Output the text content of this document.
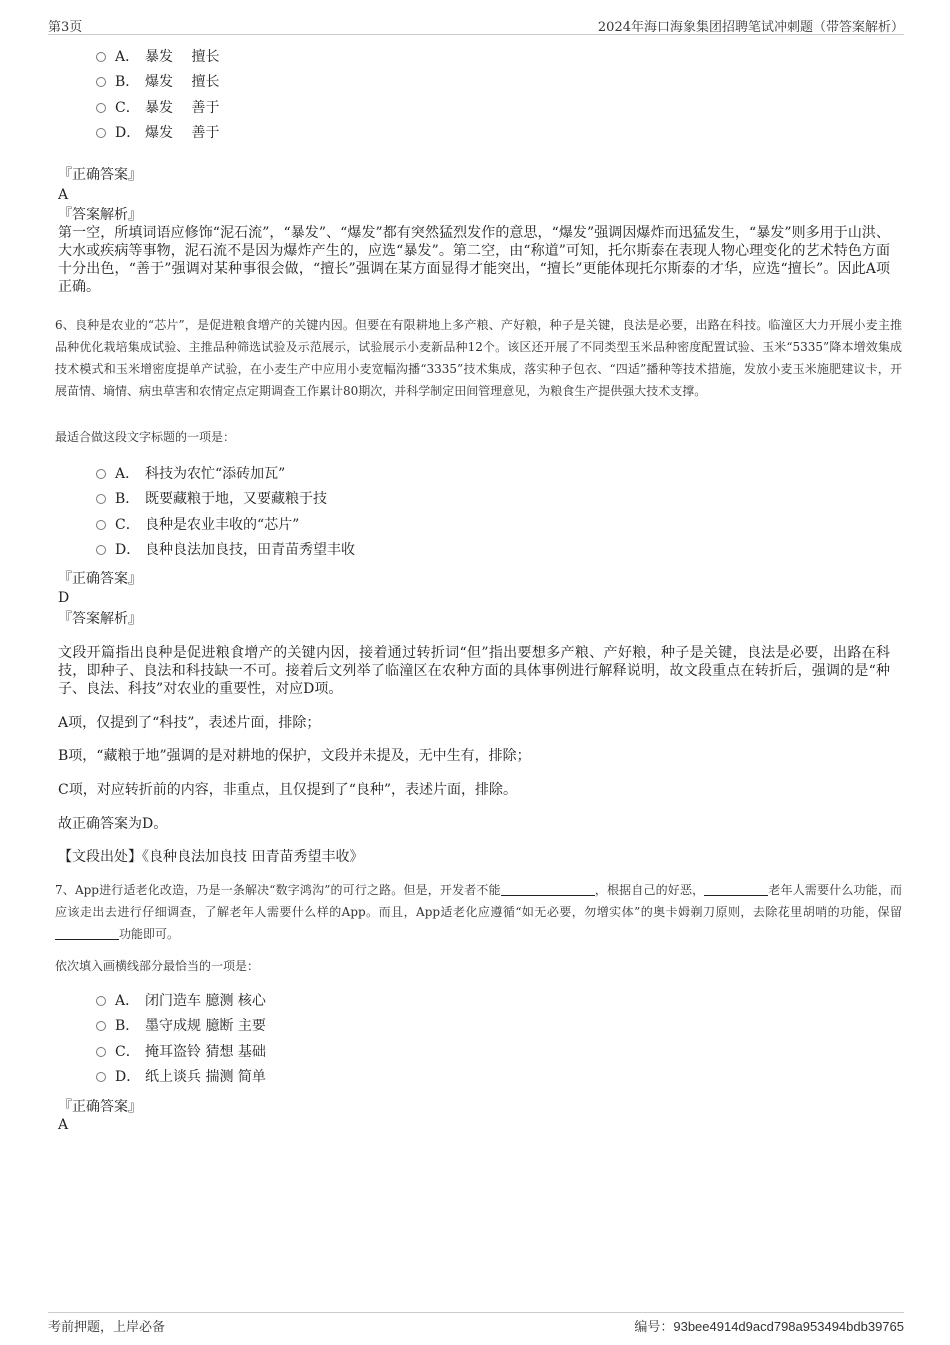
第3页	2024年海口海象集团招聘笔试冲刺题（带答案解析）
A． 暴发　 擅长
B． 爆发　 擅长
C． 暴发　 善于
D． 爆发　 善于
『正确答案』
A
『答案解析』
第一空，所填词语应修饰“泥石流”，“暴发”、“爆发”都有突然猛烈发作的意思，“爆发”强调因爆炸而迅猛发生，“暴发”则多用于山洪、大水或疾病等事物，泥石流不是因为爆炸产生的，应选“暴发”。第二空，由“称道”可知，托尔斯泰在表现人物心理变化的艺术特色方面十分出色，“善于”强调对某种事很会做，“擅长”强调在某方面显得才能突出，“擅长”更能体现托尔斯泰的才华，应选“擅长”。因此A项正确。
6、良种是农业的“芯片”，是促进粮食增产的关键内因。但要在有限耕地上多产粮、产好粮，种子是关键，良法是必要，出路在科技。临潼区大力开展小麦主推品种优化栽培集成试验、主推品种筛选试验及示范展示，试验展示小麦新品种12个。该区还开展了不同类型玉米品种密度配置试验、玉米“5335”降本增效集成技术模式和玉米增密度提单产试验，在小麦生产中应用小麦宽幅沟播“3335”技术集成，落实种子包衣、“四适”播种等技术措施，发放小麦玉米施肥建议卡，开展苗情、墒情、病虫草害和农情定点定期调查工作累计80期次，并科学制定田间管理意见，为粮食生产提供强大技术支撑。
最适合做这段文字标题的一项是：
A． 科技为农忙“添砖加瓦”
B． 既要藏粮于地，又要藏粮于技
C． 良种是农业丰收的“芯片”
D． 良种良法加良技，田青苗秀望丰收
『正确答案』
D
『答案解析』
文段开篇指出良种是促进粮食增产的关键内因，接着通过转折词“但”指出要想多产粮、产好粮，种子是关键，良法是必要，出路在科技，即种子、良法和科技缺一不可。接着后文列举了临潼区在农种方面的具体事例进行解释说明，故文段重点在转折后，强调的是“种子、良法、科技”对农业的重要性，对应D项。
A项，仅提到了“科技”，表述片面，排除；
B项，“藏粮于地”强调的是对耕地的保护，文段并未提及，无中生有，排除；
C项，对应转折前的内容，非重点，且仅提到了“良种”，表述片面，排除。
故正确答案为D。
【文段出处】《良种良法加良技 田青苗秀望丰收》
7、App进行适老化改造，乃是一条解决“数字鸿沟”的可行之路。但是，开发者不能	，根据自己的好恶，	老年人需要什么功能，而应该走出去进行仔细调查，了解老年人需要什么样的App。而且，App适老化应遵循“如无必要，勿增实体”的奥卡姆剃刀原则，去除花里胡哨的功能，保留功能即可。
依次填入画横线部分最恰当的一项是：
A． 闭门造车 臆测 核心
B． 墨守成规 臆断 主要
C． 掩耳盗铃 猜想 基础
D． 纸上谈兵 揣测 简单
『正确答案』
A
考前押题，上岸必备	编号：93bee4914d9acd798a953494bdb39765
